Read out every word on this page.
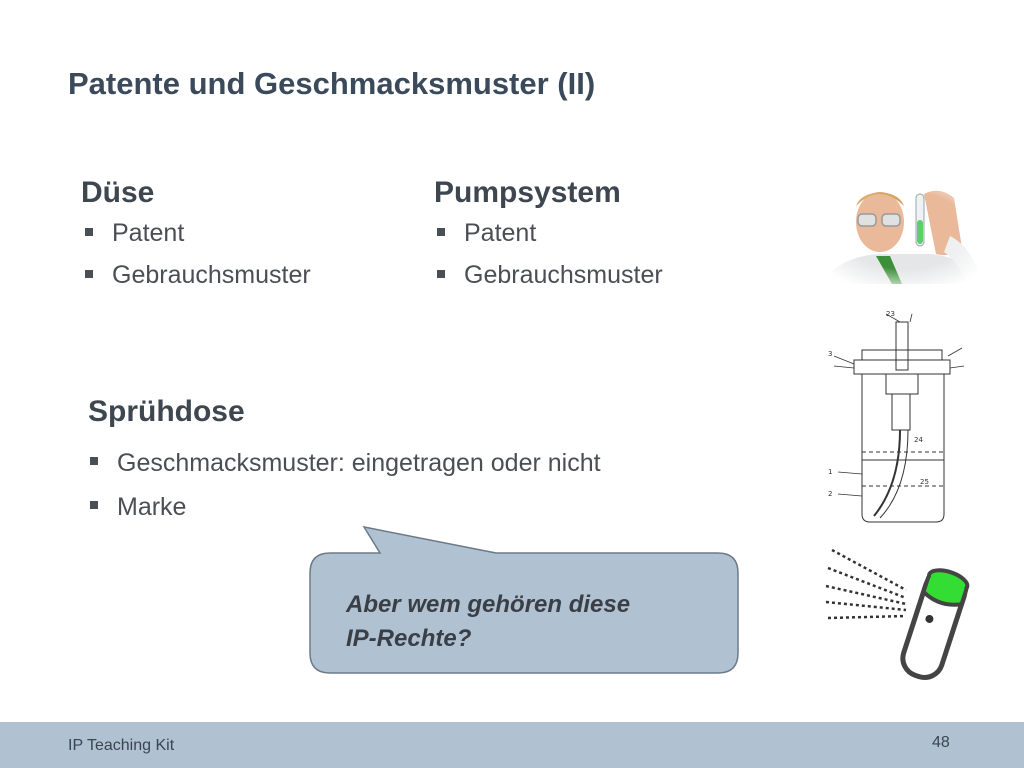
Patente und Geschmacksmuster (II)
Düse
Patent
Gebrauchsmuster
Pumpsystem
Patent
Gebrauchsmuster
Sprühdose
Geschmacksmuster: eingetragen oder nicht
Marke
Aber wem gehören diese
IP-Rechte?
23
3
1
2
25
24
IP Teaching Kit	48
